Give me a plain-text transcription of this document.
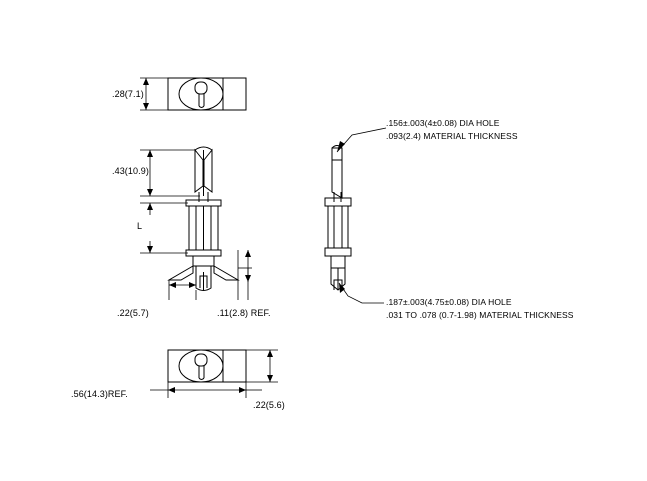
.28(7.1)
.43(10.9)
L
.22(5.7)	.11(2.8) REF.
.56(14.3)REF.
.22(5.6)
.156±.003(4±0.08) DIA HOLE
.093(2.4) MATERIAL THICKNESS
.187±.003(4.75±0.08) DIA HOLE
.031 TO .078 (0.7-1.98) MATERIAL THICKNESS
